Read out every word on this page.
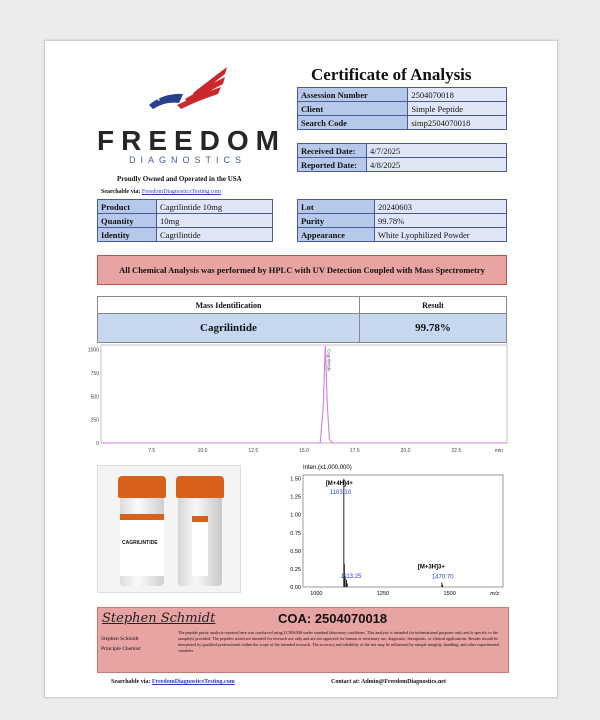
Certificate of Analysis
FREEDOM
DIAGNOSTICS
Proudly Owned and Operated in the USA
Searchable via: FreedomDiagnosticsTesting.com
Assession Number	2504070018
Client	Simple Peptide
Search Code	simp2504070018
Received Date:	4/7/2025
Reported Date:	4/8/2025
Product	Cagrilintide 10mg
Quantity	10mg
Identity	Cagrilintide
Lot	20240603
Purity	99.78%
Appearance	White Lyophilized Powder
All Chemical Analysis was performed by HPLC with UV Detection Coupled with Mass Spectrometry
Mass Identification	Result
Cagrilintide	99.78%
7.5	10.0	12.5	15.0	17.5	20.0	22.5	min
1000
750
500
250
0
Cagrilintide
CAGRILINTIDE
Inten.(x1,000,000)
1.50
1.25
1.00
0.75
0.50
0.25
0.00
1000	1250	1500	m/z
[M+4H]4+
1103.10
1113.25
[M+3H]3+
1470.70
Stephen Schmidt	COA: 2504070018
Stephen Schmidt
Principle Chemist
The peptide purity analysis reported here was conducted using LCMS/MS under standard laboratory conditions. This analysis is intended for informational purposes only and is specific to the sample(s) provided. The peptides tested are intended for research use only and are not approved for human or veterinary use, diagnostic, therapeutic, or clinical applications. Results should be interpreted by qualified professionals within the scope of the intended research. The accuracy and reliability of the test may be influenced by sample integrity, handling, and other experimental variables.
Searchable via: FreedomDiagnosticsTesting.com	Contact at: Admin@FreedomDiagnostics.net
